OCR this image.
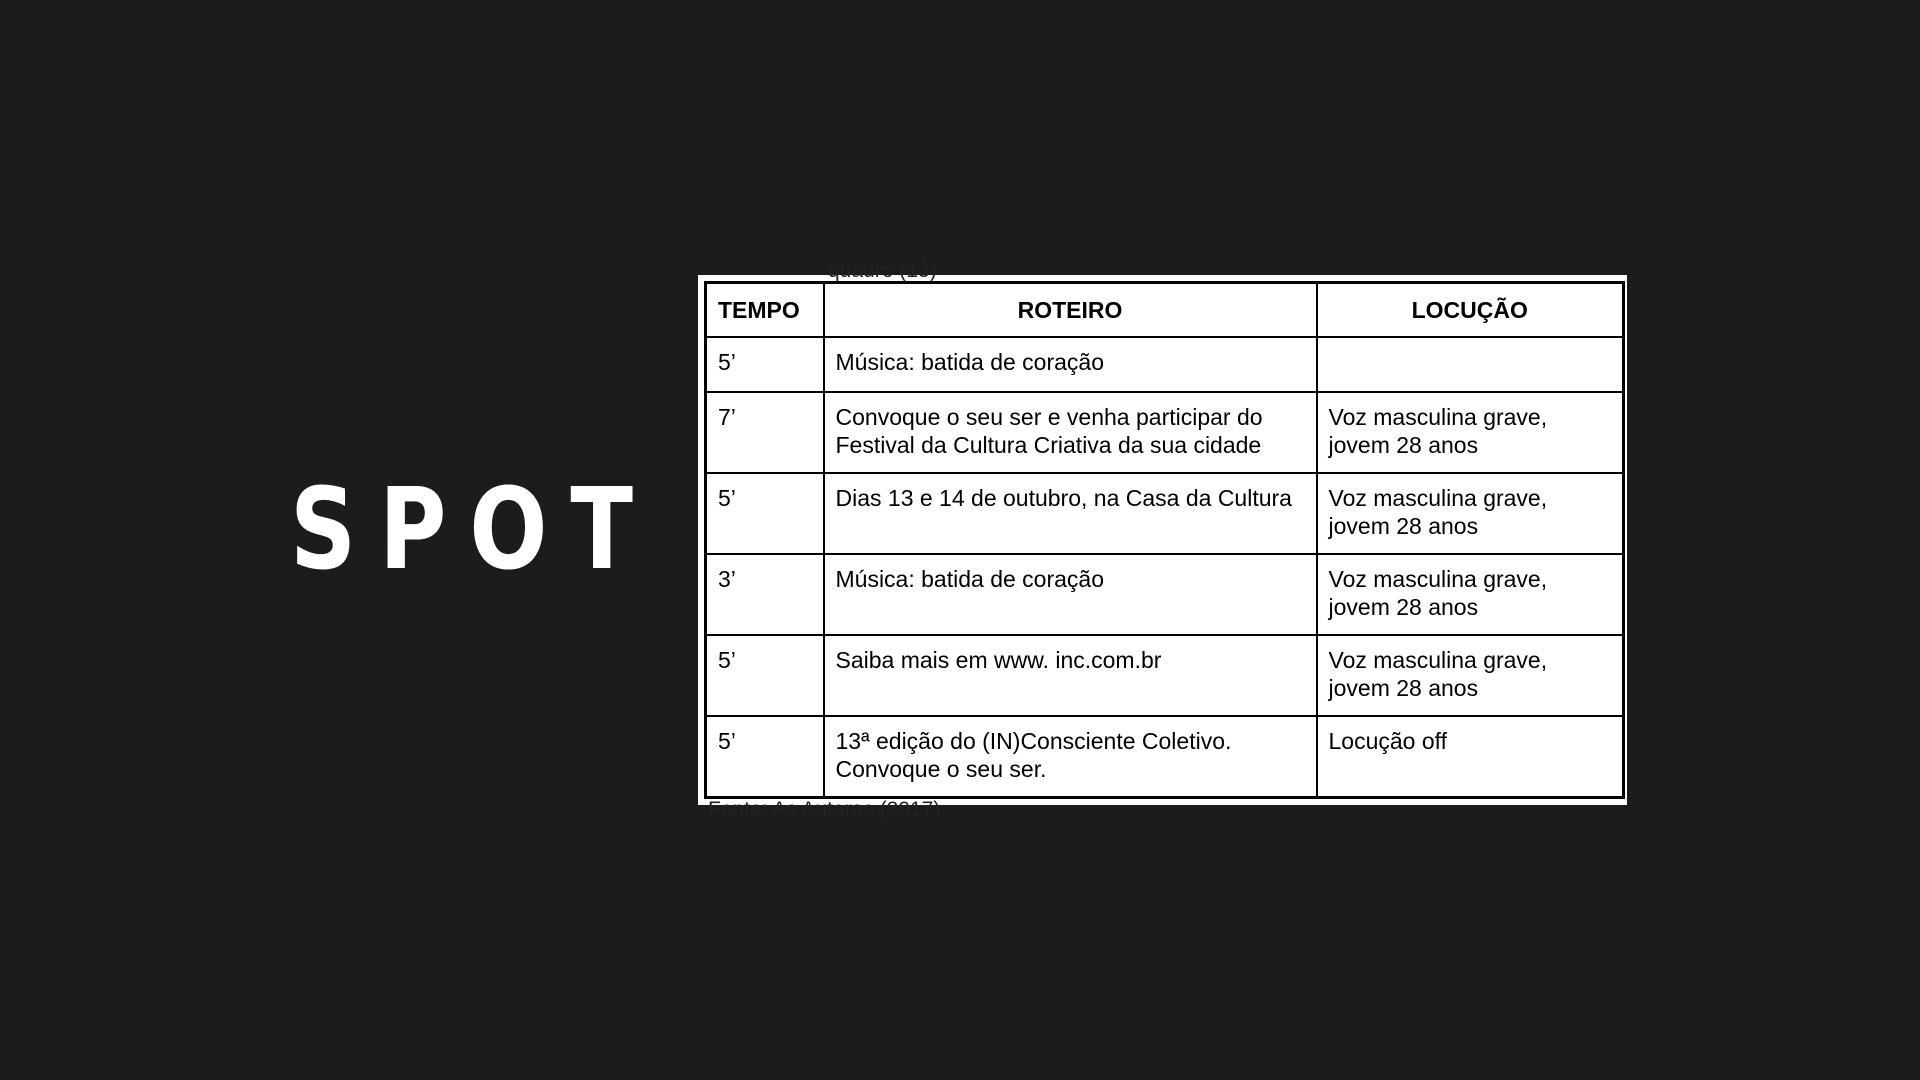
SPOT
quadro (13)
TEMPO	ROTEIRO	LOCUÇÃO
5’	Música: batida de coração	
7’	Convoque o seu ser e venha participar do Festival da Cultura Criativa da sua cidade	Voz masculina grave, jovem 28 anos
5’	Dias 13 e 14 de outubro, na Casa da Cultura	Voz masculina grave, jovem 28 anos
3’	Música: batida de coração	Voz masculina grave, jovem 28 anos
5’	Saiba mais em www. inc.com.br	Voz masculina grave, jovem 28 anos
5’	13ª edição do (IN)Consciente Coletivo. Convoque o seu ser.	Locução off
Fonte: As Autoras (2017)
